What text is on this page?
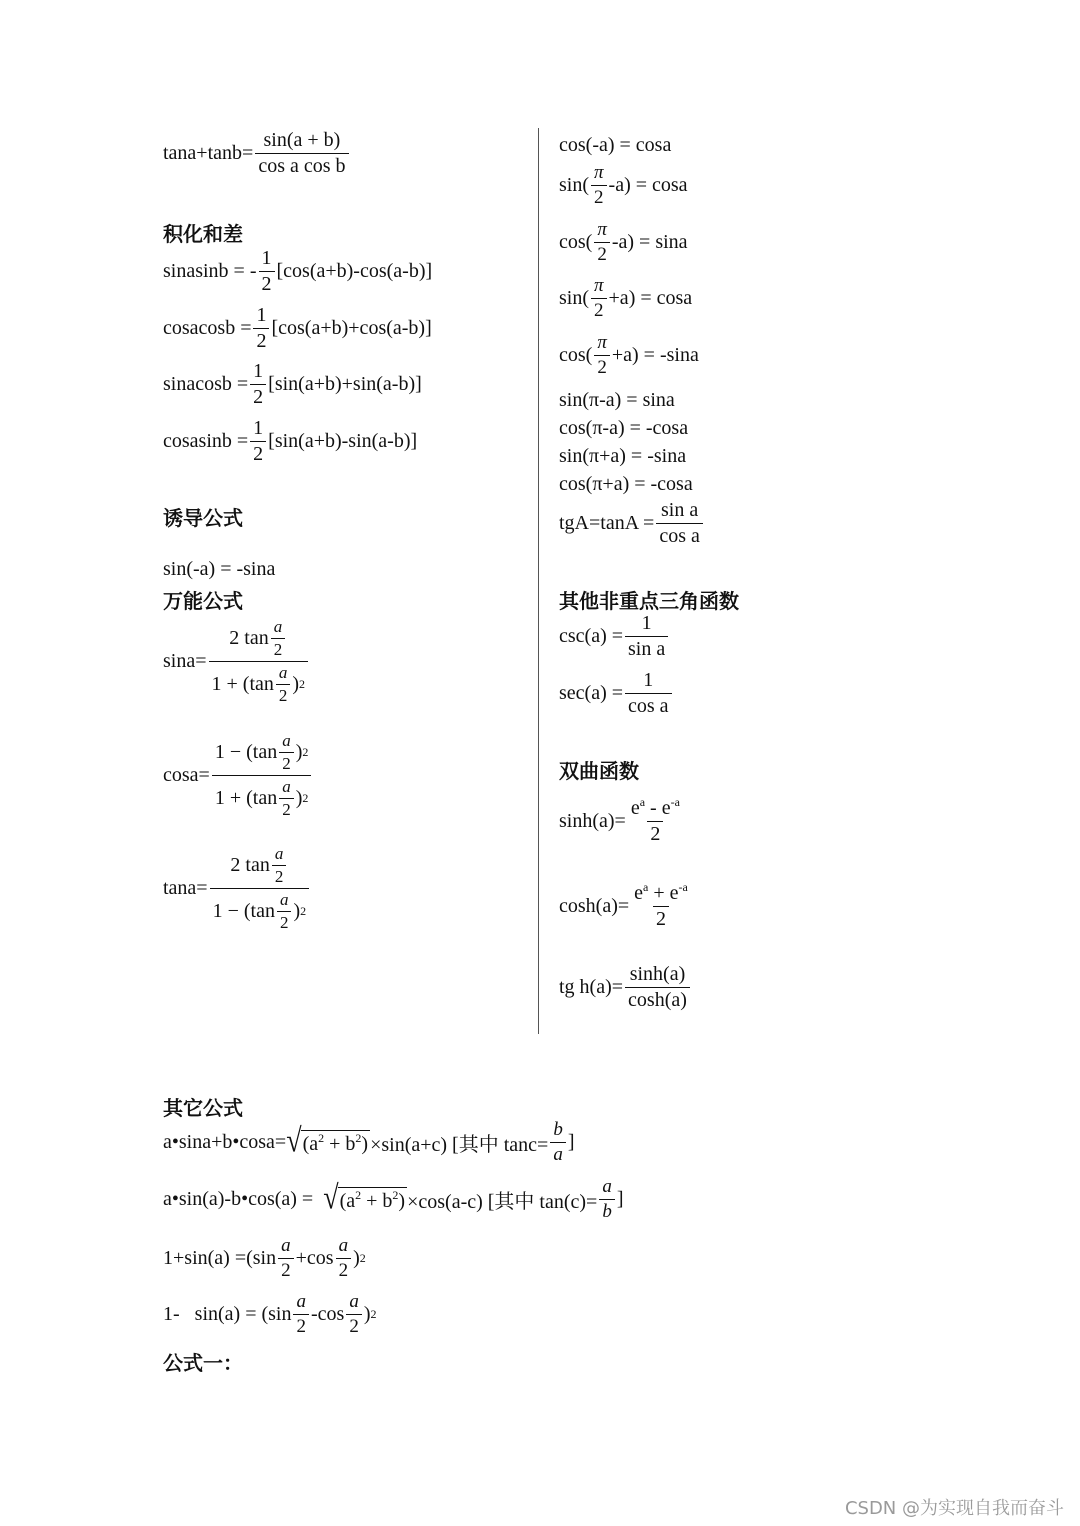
$\tan a+\tan b= \frac{\sin(a + b)}{\text{cos a cos b}}$
积化和差
sinasinb = - $\frac{1}{2} [\cos(a+b)-\cos(a-b)]$
cosacosb = $\frac{1}{2} [\cos(a+b)+\cos(a-b)]$
sinacosb = $\frac{1}{2} [\sin(a+b)+\sin(a-b)]$
cosasinb = $\frac{1}{2} [\sin(a+b)-\sin(a-b)]$
诱导公式
sin(-a) = -sina
万能公式
$\sin a= \frac{2 \tan \frac{a}{2}}{1 + (\tan \frac{a}{2} ) 2}$
$\cos a= \frac{1 - (\tan \frac{a}{2} ) 2}{1 + (\tan \frac{a}{2} ) 2}$
$\tan a= \frac{2 \tan \frac{a}{2}}{1 - (\tan \frac{a}{2} ) 2}$
cos(-a) = cosa
$\sin( \frac{\pi}{2} -a) = \cos a$
$\cos( \frac{\pi}{2} -a) = \sin a$
$\sin( \frac{\pi}{2} +a) = \cos a$
$\cos( \frac{\pi}{2} +a) = -\sin a$
sin(π-a) = sina
cos(π-a) = -cosa
sin(π+a) = -sina
cos(π+a) = -cosa
$tgA=\tan A = \frac{\text{sin a}}{\text{cos a}}$
其他非重点三角函数
$\csc(a) = \frac{1}{\text{sin a}}$
$\sec(a) = \frac{1}{\text{cos a}}$
双曲函数
$\sinh(a)= \frac{e^a - e^{-a}}{2}$
$\cosh(a)= \frac{e^a + e^{-a}}{2}$
tg $h(a)= \frac{\sinh(a)}{\cosh(a)}$
其它公式
a•sina+b•cosa= √ $(a^2 + b^2) \times\sin(a+c)$ [其中 $\tan c= \frac{b}{a}$ ]
a•sin(a)-b•cos(a) = √ $(a^2 + b^2) \times\cos(a-c)$ [其中 $\tan(c)= \frac{a}{b}$ ]
$1+\sin(a) =(\sin \frac{a}{2} +\cos \frac{a}{2}$ ) 2
1-   $\sin(a) = (\sin \frac{a}{2} -\cos \frac{a}{2}$ ) 2
公式一：
CSDN @为实现自我而奋斗
